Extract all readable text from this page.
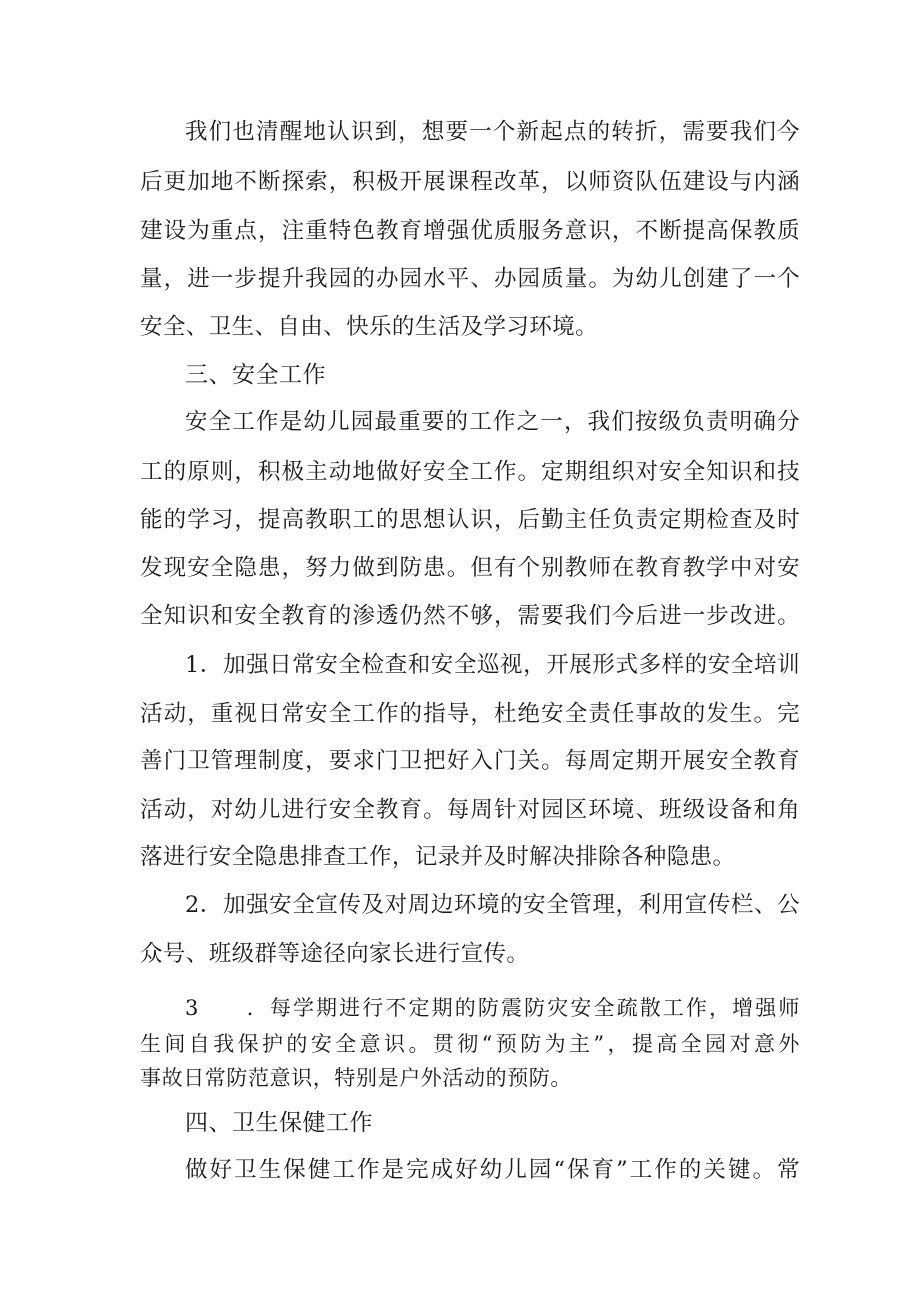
我们也清醒地认识到，想要一个新起点的转折，需要我们今
后更加地不断探索，积极开展课程改革，以师资队伍建设与内涵
建设为重点，注重特色教育增强优质服务意识，不断提高保教质
量，进一步提升我园的办园水平、办园质量。为幼儿创建了一个
安全、卫生、自由、快乐的生活及学习环境。
三、安全工作
安全工作是幼儿园最重要的工作之一，我们按级负责明确分
工的原则，积极主动地做好安全工作。定期组织对安全知识和技
能的学习，提高教职工的思想认识，后勤主任负责定期检查及时
发现安全隐患，努力做到防患。但有个别教师在教育教学中对安
全知识和安全教育的渗透仍然不够，需要我们今后进一步改进。
1．加强日常安全检查和安全巡视，开展形式多样的安全培训
活动，重视日常安全工作的指导，杜绝安全责任事故的发生。完
善门卫管理制度，要求门卫把好入门关。每周定期开展安全教育
活动，对幼儿进行安全教育。每周针对园区环境、班级设备和角
落进行安全隐患排查工作，记录并及时解决排除各种隐患。
2．加强安全宣传及对周边环境的安全管理，利用宣传栏、公
众号、班级群等途径向家长进行宣传。
3　　．每学期进行不定期的防震防灾安全疏散工作，增强师
生间自我保护的安全意识。贯彻“预防为主”，提高全园对意外
事故日常防范意识，特别是户外活动的预防。
四、卫生保健工作
做好卫生保健工作是完成好幼儿园“保育”工作的关键。常
